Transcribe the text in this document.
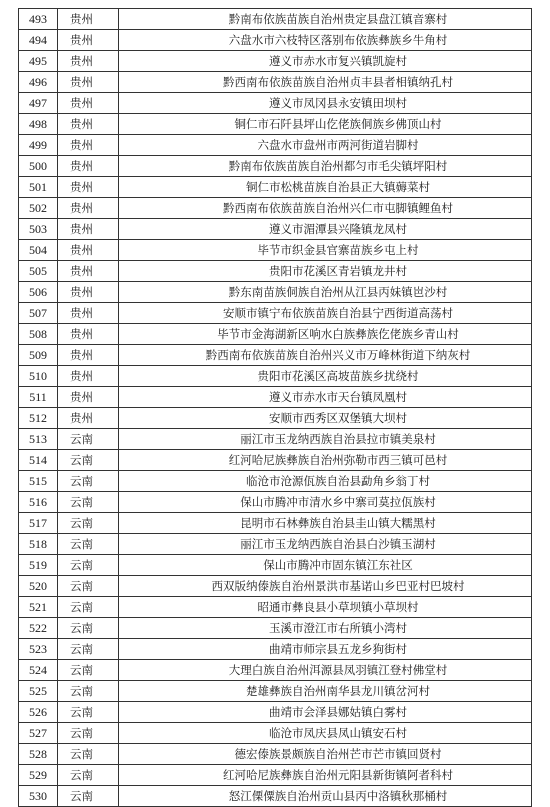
493	贵州	黔南布依族苗族自治州贵定县盘江镇音寨村
494	贵州	六盘水市六枝特区落别布依族彝族乡牛角村
495	贵州	遵义市赤水市复兴镇凯旋村
496	贵州	黔西南布依族苗族自治州贞丰县者相镇纳孔村
497	贵州	遵义市凤冈县永安镇田坝村
498	贵州	铜仁市石阡县坪山仡佬族侗族乡佛顶山村
499	贵州	六盘水市盘州市两河街道岩脚村
500	贵州	黔南布依族苗族自治州都匀市毛尖镇坪阳村
501	贵州	铜仁市松桃苗族自治县正大镇薅菜村
502	贵州	黔西南布依族苗族自治州兴仁市屯脚镇鲤鱼村
503	贵州	遵义市湄潭县兴隆镇龙凤村
504	贵州	毕节市织金县官寨苗族乡屯上村
505	贵州	贵阳市花溪区青岩镇龙井村
506	贵州	黔东南苗族侗族自治州从江县丙妹镇岜沙村
507	贵州	安顺市镇宁布依族苗族自治县宁西街道高荡村
508	贵州	毕节市金海湖新区响水白族彝族仡佬族乡青山村
509	贵州	黔西南布依族苗族自治州兴义市万峰林街道下纳灰村
510	贵州	贵阳市花溪区高坡苗族乡扰绕村
511	贵州	遵义市赤水市天台镇凤凰村
512	贵州	安顺市西秀区双堡镇大坝村
513	云南	丽江市玉龙纳西族自治县拉市镇美泉村
514	云南	红河哈尼族彝族自治州弥勒市西三镇可邑村
515	云南	临沧市沧源佤族自治县勐角乡翁丁村
516	云南	保山市腾冲市清水乡中寨司莫拉佤族村
517	云南	昆明市石林彝族自治县圭山镇大糯黑村
518	云南	丽江市玉龙纳西族自治县白沙镇玉湖村
519	云南	保山市腾冲市固东镇江东社区
520	云南	西双版纳傣族自治州景洪市基诺山乡巴亚村巴坡村
521	云南	昭通市彝良县小草坝镇小草坝村
522	云南	玉溪市澄江市右所镇小湾村
523	云南	曲靖市师宗县五龙乡狗街村
524	云南	大理白族自治州洱源县凤羽镇江登村佛堂村
525	云南	楚雄彝族自治州南华县龙川镇岔河村
526	云南	曲靖市会泽县娜姑镇白雾村
527	云南	临沧市凤庆县凤山镇安石村
528	云南	德宏傣族景颇族自治州芒市芒市镇回贤村
529	云南	红河哈尼族彝族自治州元阳县新街镇阿者科村
530	云南	怒江傈僳族自治州贡山县丙中洛镇秋那桶村
